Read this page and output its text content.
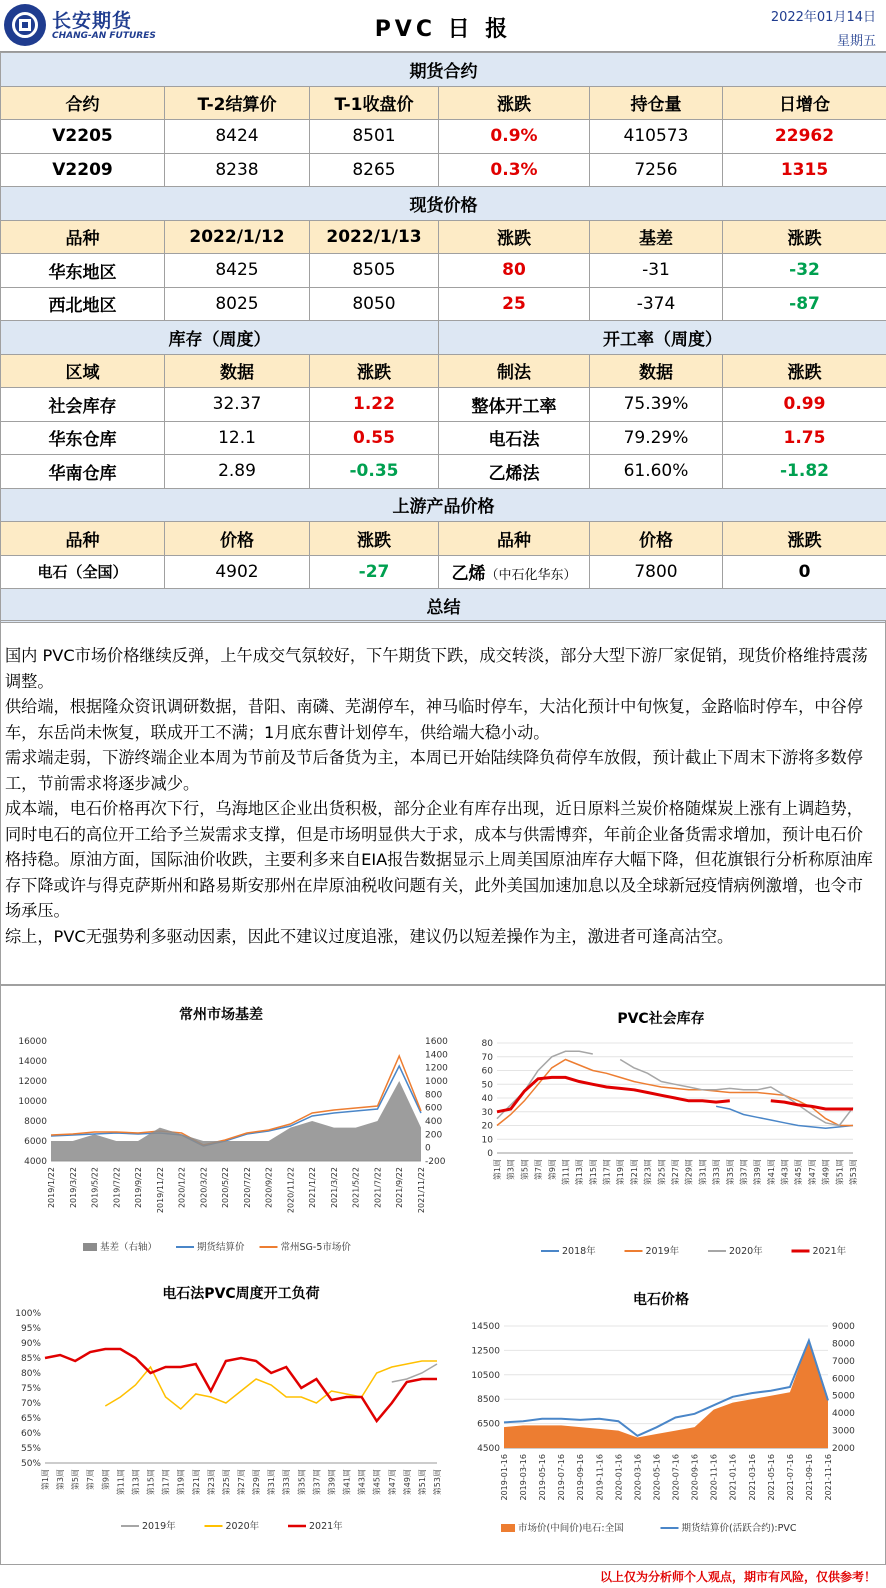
长安期货
CHANG-AN FUTURES	PVC 日 报	2022年01月14日
星期五
期货合约					
合约	T-2结算价	T-1收盘价	涨跌	持仓量	日增仓
V2205	8424	8501	0.9%	410573	22962
V2209	8238	8265	0.3%	7256	1315
现货价格					
品种	2022/1/12	2022/1/13	涨跌	基差	涨跌
华东地区	8425	8505	80	-31	-32
西北地区	8025	8050	25	-374	-87
库存（周度）			开工率（周度）		
区域	数据	涨跌	制法	数据	涨跌
社会库存	32.37	1.22	整体开工率	75.39%	0.99
华东仓库	12.1	0.55	电石法	79.29%	1.75
华南仓库	2.89	-0.35	乙烯法	61.60%	-1.82
上游产品价格					
品种	价格	涨跌	品种	价格	涨跌
电石（全国）	4902	-27	乙烯（中石化华东）	7800	0
总结					

国内 PVC市场价格继续反弹，上午成交气氛较好，下午期货下跌，成交转淡，部分大型下游厂家促销，现货价格维持震荡调整。

供给端，根据隆众资讯调研数据，昔阳、南磷、芜湖停车，神马临时停车，大沽化预计中旬恢复，金路临时停车，中谷停车，东岳尚未恢复，联成开工不满；1月底东曹计划停车，供给端大稳小动。

需求端走弱，下游终端企业本周为节前及节后备货为主，本周已开始陆续降负荷停车放假，预计截止下周末下游将多数停工，节前需求将逐步减少。

成本端，电石价格再次下行，乌海地区企业出货积极，部分企业有库存出现，近日原料兰炭价格随煤炭上涨有上调趋势，同时电石的高位开工给予兰炭需求支撑，但是市场明显供大于求，成本与供需博弈，年前企业备货需求增加，预计电石价格持稳。原油方面，国际油价收跌，主要利多来自EIA报告数据显示上周美国原油库存大幅下降，但花旗银行分析称原油库存下降或许与得克萨斯州和路易斯安那州在岸原油税收问题有关，此外美国加速加息以及全球新冠疫情病例激增，也令市场承压。

综上，PVC无强势利多驱动因素，因此不建议过度追涨，建议仍以短差操作为主，激进者可逢高沽空。

常州市场基差	PVC社会库存
电石法PVC周度开工负荷	电石价格
16000
14000
12000
10000
8000
6000
4000
1600
1400
1200
1000
800
600
400
200
0
-200
2019/1/22 2019/3/22 2019/5/22 2019/7/22 2019/9/22 2019/11/22 2020/1/22 2020/3/22 2020/5/22 2020/7/22 2020/9/22 2020/11/22 2021/1/22 2021/3/22 2021/5/22 2021/7/22 2021/9/22 2021/11/22
基差（右轴）	期货结算价	常州SG-5市场价
80
70
60
50
40
30
20
10
0
第1周 第3周 第5周 第7周 第9周 第11周 第13周 第15周 第17周 第19周 第21周 第23周 第25周 第27周 第29周 第31周 第33周 第35周 第37周 第39周 第41周 第43周 第45周 第47周 第49周 第51周 第53周
2018年	2019年	2020年	2021年
100%
95%
90%
85%
80%
75%
70%
65%
60%
55%
50%
第1周 第3周 第5周 第7周 第9周 第11周 第13周 第15周 第17周 第19周 第21周 第23周 第25周 第27周 第29周 第31周 第33周 第35周 第37周 第39周 第41周 第43周 第45周 第47周 第49周 第51周 第53周
2019年	2020年	2021年
14500
12500
10500
8500
6500
4500
9000
8000
7000
6000
5000
4000
3000
2000
2019-01-16 2019-03-16 2019-05-16 2019-07-16 2019-09-16 2019-11-16 2020-01-16 2020-03-16 2020-05-16 2020-07-16 2020-09-16 2020-11-16 2021-01-16 2021-03-16 2021-05-16 2021-07-16 2021-09-16 2021-11-16
市场价(中间价)电石:全国	期货结算价(活跃合约):PVC
以上仅为分析师个人观点，期市有风险，仅供参考！
